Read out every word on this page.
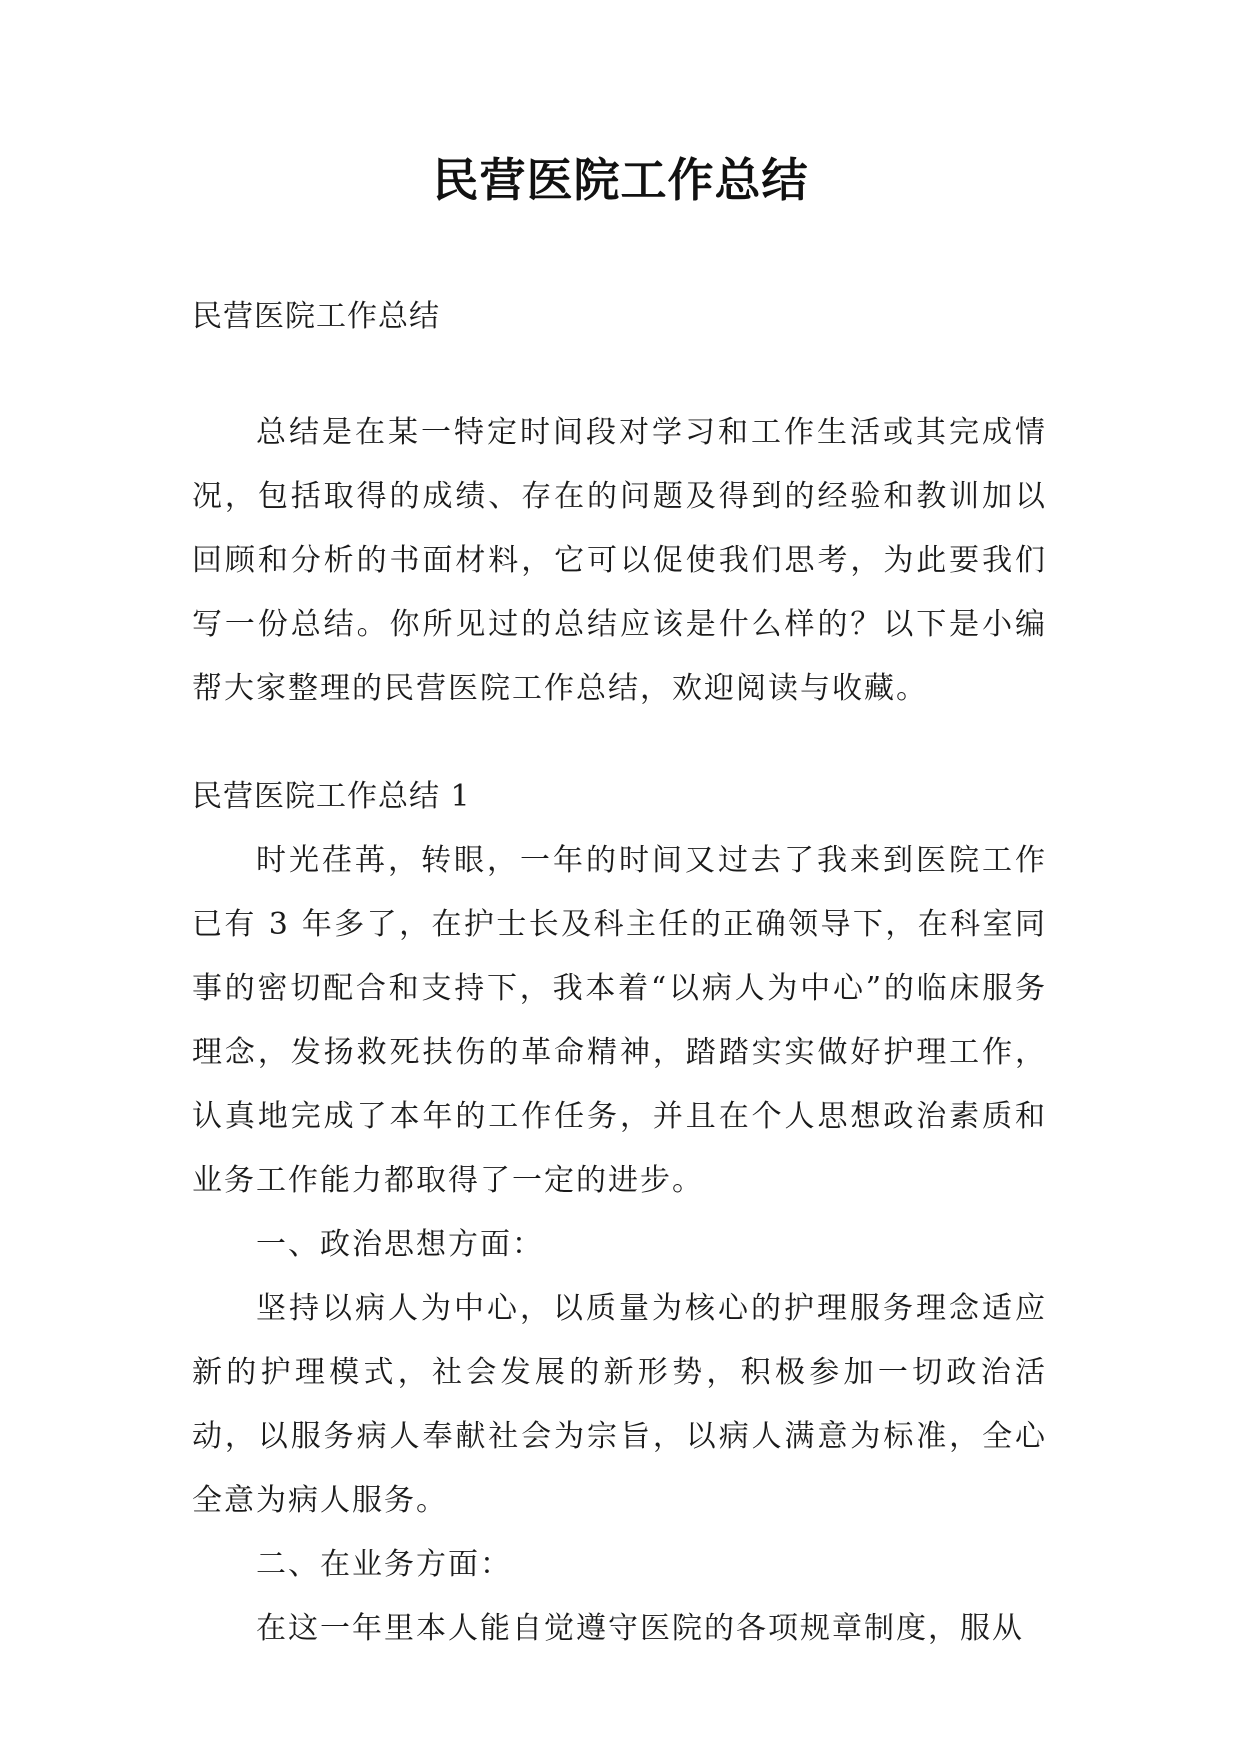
民营医院工作总结

民营医院工作总结

总结是在某一特定时间段对学习和工作生活或其完成情况，包括取得的成绩、存在的问题及得到的经验和教训加以回顾和分析的书面材料，它可以促使我们思考，为此要我们写一份总结。你所见过的总结应该是什么样的？以下是小编帮大家整理的民营医院工作总结，欢迎阅读与收藏。

民营医院工作总结 1

时光荏苒，转眼，一年的时间又过去了我来到医院工作已有 3 年多了，在护士长及科主任的正确领导下，在科室同事的密切配合和支持下，我本着“以病人为中心”的临床服务理念，发扬救死扶伤的革命精神，踏踏实实做好护理工作，认真地完成了本年的工作任务，并且在个人思想政治素质和业务工作能力都取得了一定的进步。

一、政治思想方面：

坚持以病人为中心，以质量为核心的护理服务理念适应新的护理模式，社会发展的新形势，积极参加一切政治活动，以服务病人奉献社会为宗旨，以病人满意为标准，全心全意为病人服务。

二、在业务方面：

在这一年里本人能自觉遵守医院的各项规章制度，服从
